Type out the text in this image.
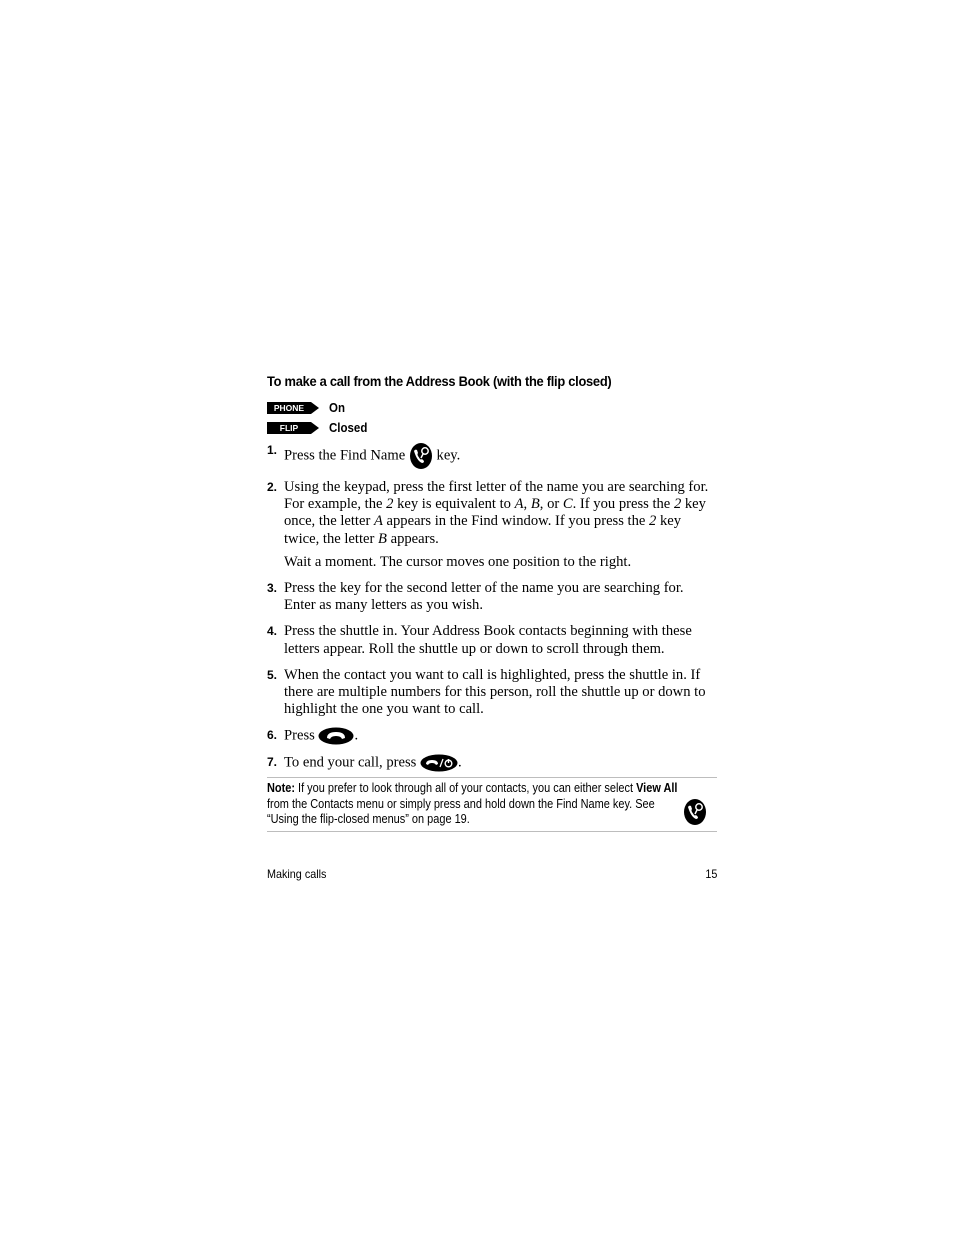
To make a call from the Address Book (with the flip closed)
PHONE On
FLIP Closed
1. Press the Find Name key.

2. Using the keypad, press the first letter of the name you are searching for. For example, the 2 key is equivalent to A, B, or C. If you press the 2 key once, the letter A appears in the Find window. If you press the 2 key twice, the letter B appears.

Wait a moment. The cursor moves one position to the right.

3. Press the key for the second letter of the name you are searching for. Enter as many letters as you wish.

4. Press the shuttle in. Your Address Book contacts beginning with these letters appear. Roll the shuttle up or down to scroll through them.

5. When the contact you want to call is highlighted, press the shuttle in. If there are multiple numbers for this person, roll the shuttle up or down to highlight the one you want to call.

6. Press	.

7. To end your call, press	.

Note: If you prefer to look through all of your contacts, you can either select View All from the Contacts menu or simply press and hold down the Find Name key. See “Using the flip-closed menus” on page 19.

Making calls	15
